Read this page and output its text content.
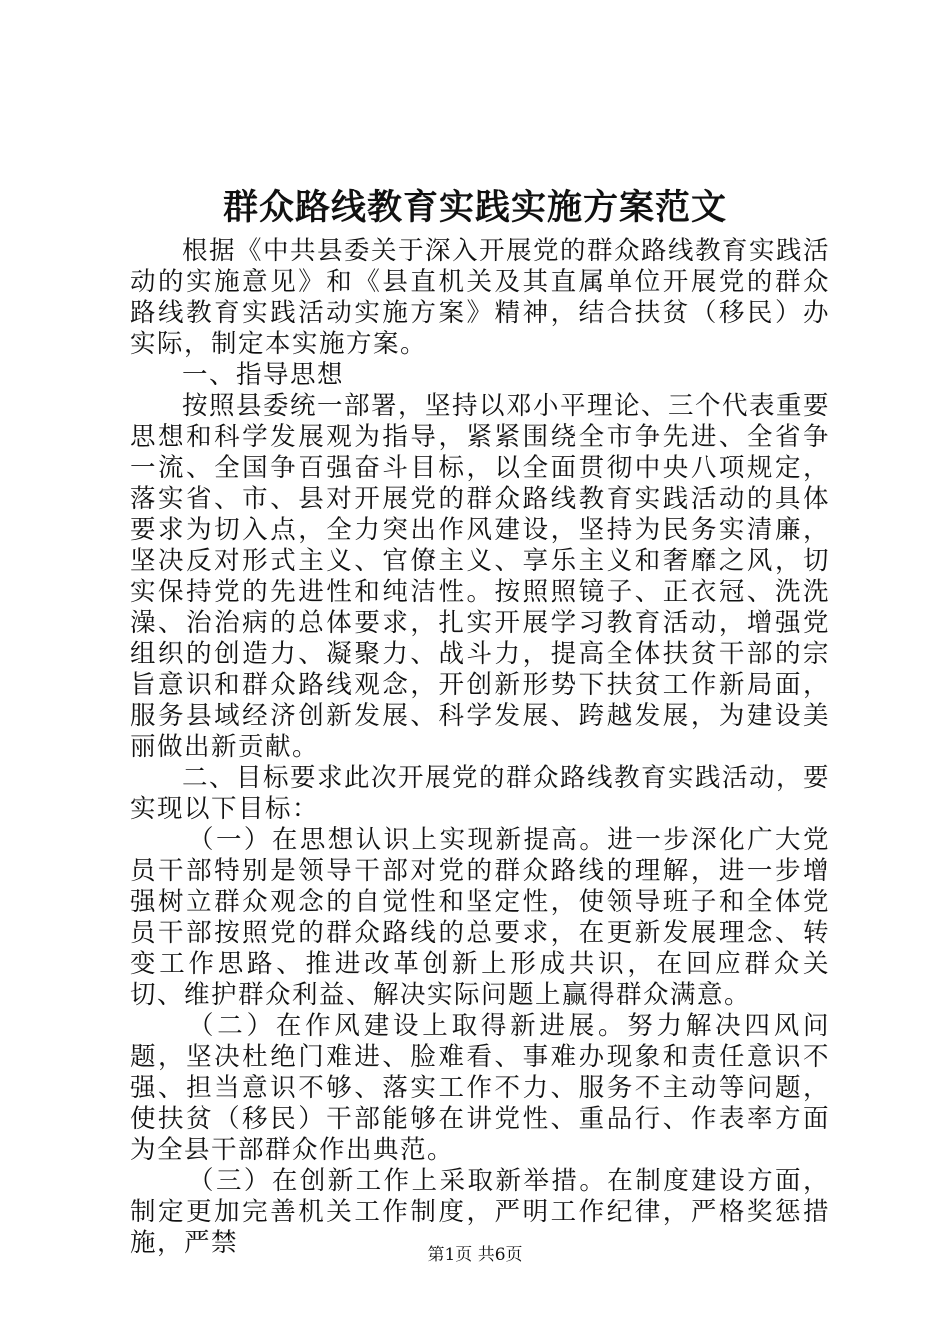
群众路线教育实践实施方案范文

根据《中共县委关于深入开展党的群众路线教育实践活动的实施意见》和《县直机关及其直属单位开展党的群众路线教育实践活动实施方案》精神，结合扶贫（移民）办实际，制定本实施方案。

一、指导思想

按照县委统一部署，坚持以邓小平理论、三个代表重要思想和科学发展观为指导，紧紧围绕全市争先进、全省争一流、全国争百强奋斗目标，以全面贯彻中央八项规定，落实省、市、县对开展党的群众路线教育实践活动的具体要求为切入点，全力突出作风建设，坚持为民务实清廉，坚决反对形式主义、官僚主义、享乐主义和奢靡之风，切实保持党的先进性和纯洁性。按照照镜子、正衣冠、洗洗澡、治治病的总体要求，扎实开展学习教育活动，增强党组织的创造力、凝聚力、战斗力，提高全体扶贫干部的宗旨意识和群众路线观念，开创新形势下扶贫工作新局面，服务县域经济创新发展、科学发展、跨越发展，为建设美丽做出新贡献。

二、目标要求此次开展党的群众路线教育实践活动，要实现以下目标：

（一）在思想认识上实现新提高。进一步深化广大党员干部特别是领导干部对党的群众路线的理解，进一步增强树立群众观念的自觉性和坚定性，使领导班子和全体党员干部按照党的群众路线的总要求，在更新发展理念、转变工作思路、推进改革创新上形成共识，在回应群众关切、维护群众利益、解决实际问题上赢得群众满意。

（二）在作风建设上取得新进展。努力解决四风问题，坚决杜绝门难进、脸难看、事难办现象和责任意识不强、担当意识不够、落实工作不力、服务不主动等问题，使扶贫（移民）干部能够在讲党性、重品行、作表率方面为全县干部群众作出典范。

（三）在创新工作上采取新举措。在制度建设方面，制定更加完善机关工作制度，严明工作纪律，严格奖惩措施，严禁	第1页 共6页
